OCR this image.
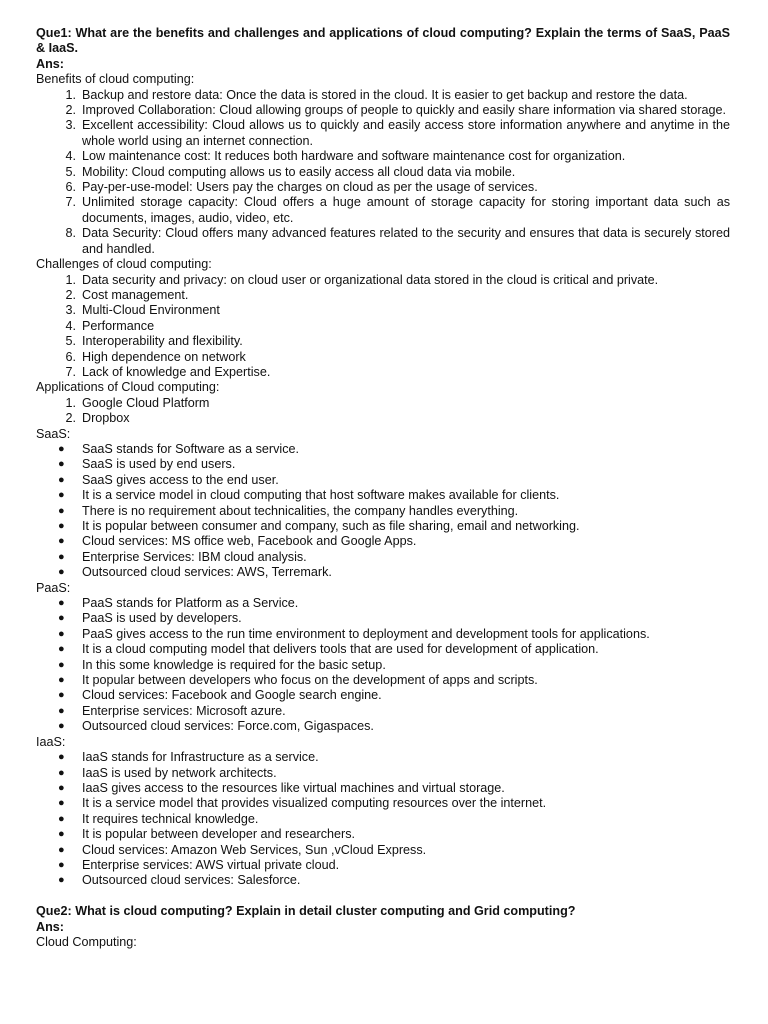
Que1: What are the benefits and challenges and applications of cloud computing? Explain the terms of SaaS, PaaS & IaaS.
Ans:
Benefits of cloud computing:
1. Backup and restore data: Once the data is stored in the cloud. It is easier to get backup and restore the data.
2. Improved Collaboration: Cloud allowing groups of people to quickly and easily share information via shared storage.
3. Excellent accessibility: Cloud allows us to quickly and easily access store information anywhere and anytime in the whole world using an internet connection.
4. Low maintenance cost: It reduces both hardware and software maintenance cost for organization.
5. Mobility: Cloud computing allows us to easily access all cloud data via mobile.
6. Pay-per-use-model: Users pay the charges on cloud as per the usage of services.
7. Unlimited storage capacity: Cloud offers a huge amount of storage capacity for storing important data such as documents, images, audio, video, etc.
8. Data Security: Cloud offers many advanced features related to the security and ensures that data is securely stored and handled.
Challenges of cloud computing:
1. Data security and privacy: on cloud user or organizational data stored in the cloud is critical and private.
2. Cost management.
3. Multi-Cloud Environment
4. Performance
5. Interoperability and flexibility.
6. High dependence on network
7. Lack of knowledge and Expertise.
Applications of Cloud computing:
1. Google Cloud Platform
2. Dropbox
SaaS:
●	SaaS stands for Software as a service.
●	SaaS is used by end users.
●	SaaS gives access to the end user.
●	It is a service model in cloud computing that host software makes available for clients.
●	There is no requirement about technicalities, the company handles everything.
●	It is popular between consumer and company, such as file sharing, email and networking.
●	Cloud services: MS office web, Facebook and Google Apps.
●	Enterprise Services: IBM cloud analysis.
●	Outsourced cloud services: AWS, Terremark.
PaaS:
●	PaaS stands for Platform as a Service.
●	PaaS is used by developers.
●	PaaS gives access to the run time environment to deployment and development tools for applications.
●	It is a cloud computing model that delivers tools that are used for development of application.
●	In this some knowledge is required for the basic setup.
●	It popular between developers who focus on the development of apps and scripts.
●	Cloud services: Facebook and Google search engine.
●	Enterprise services: Microsoft azure.
●	Outsourced cloud services: Force.com, Gigaspaces.
IaaS:
●	IaaS stands for Infrastructure as a service.
●	IaaS is used by network architects.
●	IaaS gives access to the resources like virtual machines and virtual storage.
●	It is a service model that provides visualized computing resources over the internet.
●	It requires technical knowledge.
●	It is popular between developer and researchers.
●	Cloud services: Amazon Web Services, Sun ,vCloud Express.
●	Enterprise services: AWS virtual private cloud.
●	Outsourced cloud services: Salesforce.
Que2: What is cloud computing? Explain in detail cluster computing and Grid computing?
Ans:
Cloud Computing:
